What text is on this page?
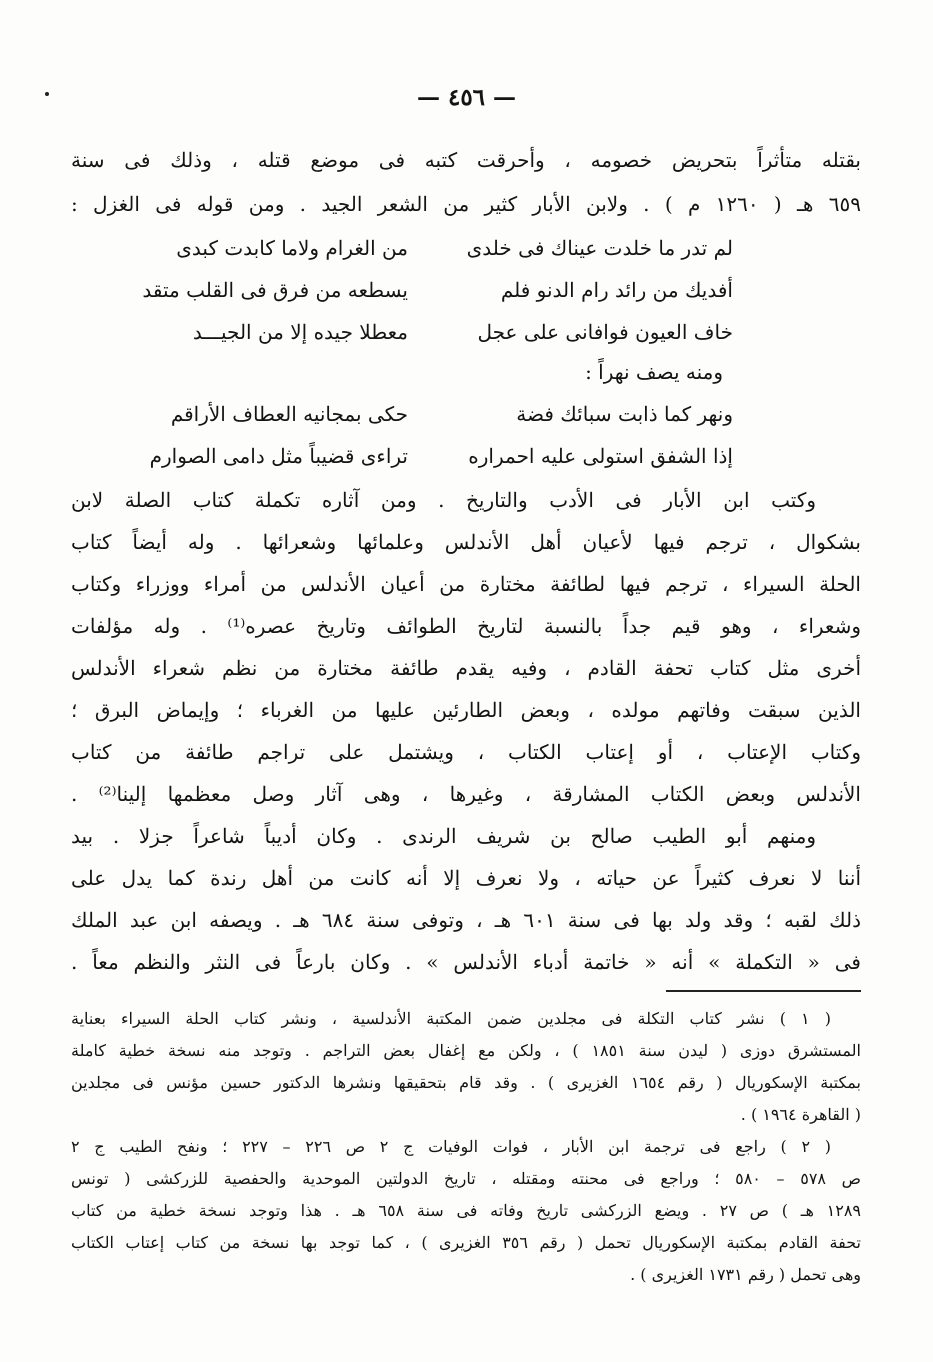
— ٤٥٦ —
بقتله متأثراً بتحريض خصومه ، وأحرقت كتبه فى موضع قتله ، وذلك فى سنة
٦٥٩ هـ ( ١٢٦٠ م ) . ولابن الأبار كثير من الشعر الجيد . ومن قوله فى الغزل :
لم تدر ما خلدت عيناك فى خلدى
من الغرام ولاما كابدت كبدى
أفديك من رائد رام الدنو فلم
يسطعه من فرق فى القلب متقد
خاف العيون فوافانى على عجل
معطلا جيده إلا من الجيـــد
ومنه يصف نهراً :
ونهر كما ذابت سبائك فضة
حكى بمجانيه العطاف الأراقم
إذا الشفق استولى عليه احمراره
تراءى قضيباً مثل دامى الصوارم
وكتب ابن الأبار فى الأدب والتاريخ . ومن آثاره تكملة كتاب الصلة لابن
بشكوال ، ترجم فيها لأعيان أهل الأندلس وعلمائها وشعرائها . وله أيضاً كتاب
الحلة السيراء ، ترجم فيها لطائفة مختارة من أعيان الأندلس من أمراء ووزراء وكتاب
وشعراء ، وهو قيم جداً بالنسبة لتاريخ الطوائف وتاريخ عصره⁽¹⁾ . وله مؤلفات
أخرى مثل كتاب تحفة القادم ، وفيه يقدم طائفة مختارة من نظم شعراء الأندلس
الذين سبقت وفاتهم مولده ، وبعض الطارئين عليها من الغرباء ؛ وإيماض البرق ؛
وكتاب الإعتاب ، أو إعتاب الكتاب ، ويشتمل على تراجم طائفة من كتاب
الأندلس وبعض الكتاب المشارقة ، وغيرها ، وهى آثار وصل معظمها إلينا⁽²⁾ .
ومنهم أبو الطيب صالح بن شريف الرندى . وكان أديباً شاعراً جزلا . بيد
أننا لا نعرف كثيراً عن حياته ، ولا نعرف إلا أنه كانت من أهل رندة كما يدل على
ذلك لقبه ؛ وقد ولد بها فى سنة ٦٠١ هـ ، وتوفى سنة ٦٨٤ هـ . ويصفه ابن عبد الملك
فى « التكملة » أنه « خاتمة أدباء الأندلس » . وكان بارعاً فى النثر والنظم معاً .
( ١ ) نشر كتاب التكلة فى مجلدين ضمن المكتبة الأندلسية ، ونشر كتاب الحلة السيراء بعناية
المستشرق دوزى ( ليدن سنة ١٨٥١ ) ، ولكن مع إغفال بعض التراجم . وتوجد منه نسخة خطية كاملة
بمكتبة الإسكوريال ( رقم ١٦٥٤ الغزيرى ) . وقد قام بتحقيقها ونشرها الدكتور حسين مؤنس فى مجلدين
( القاهرة ١٩٦٤ ) .
( ٢ ) راجع فى ترجمة ابن الأبار ، فوات الوفيات ج ٢ ص ٢٢٦ – ٢٢٧ ؛ ونفح الطيب ج ٢
ص ٥٧٨ – ٥٨٠ ؛ وراجع فى محنته ومقتله ، تاريخ الدولتين الموحدية والحفصية للزركشى ( تونس
١٢٨٩ هـ ) ص ٢٧ . ويضع الزركشى تاريخ وفاته فى سنة ٦٥٨ هـ . هذا وتوجد نسخة خطية من كتاب
تحفة القادم بمكتبة الإسكوريال تحمل ( رقم ٣٥٦ الغزيرى ) ، كما توجد بها نسخة من كتاب إعتاب الكتاب
وهى تحمل ( رقم ١٧٣١ الغزيرى ) .
